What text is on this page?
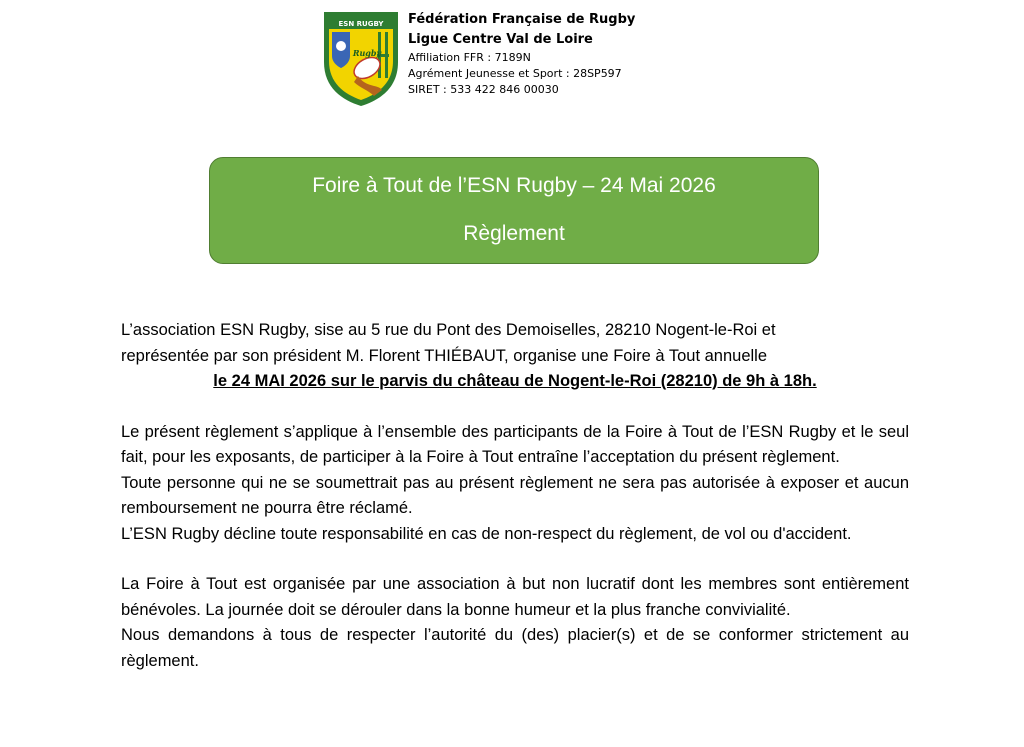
ESN RUGBY
Rugby
Fédération Française de Rugby
Ligue Centre Val de Loire
Affiliation FFR : 7189N
Agrément Jeunesse et Sport : 28SP597
SIRET : 533 422 846 00030
Foire à Tout de l’ESN Rugby – 24 Mai 2026
Règlement

L’association ESN Rugby, sise au 5 rue du Pont des Demoiselles, 28210 Nogent-le-Roi et

représentée par son président M. Florent THIÉBAUT, organise une Foire à Tout annuelle

le 24 MAI 2026 sur le parvis du château de Nogent-le-Roi (28210) de 9h à 18h.

Le présent règlement s’applique à l’ensemble des participants de la Foire à Tout de l’ESN Rugby et le seul fait, pour les exposants, de participer à la Foire à Tout entraîne l’acceptation du présent règlement.

Toute personne qui ne se soumettrait pas au présent règlement ne sera pas autorisée à exposer et aucun remboursement ne pourra être réclamé.

L’ESN Rugby décline toute responsabilité en cas de non-respect du règlement, de vol ou d'accident.

La Foire à Tout est organisée par une association à but non lucratif dont les membres sont entièrement bénévoles. La journée doit se dérouler dans la bonne humeur et la plus franche convivialité.

Nous demandons à tous de respecter l’autorité du (des) placier(s) et de se conformer strictement au règlement.
